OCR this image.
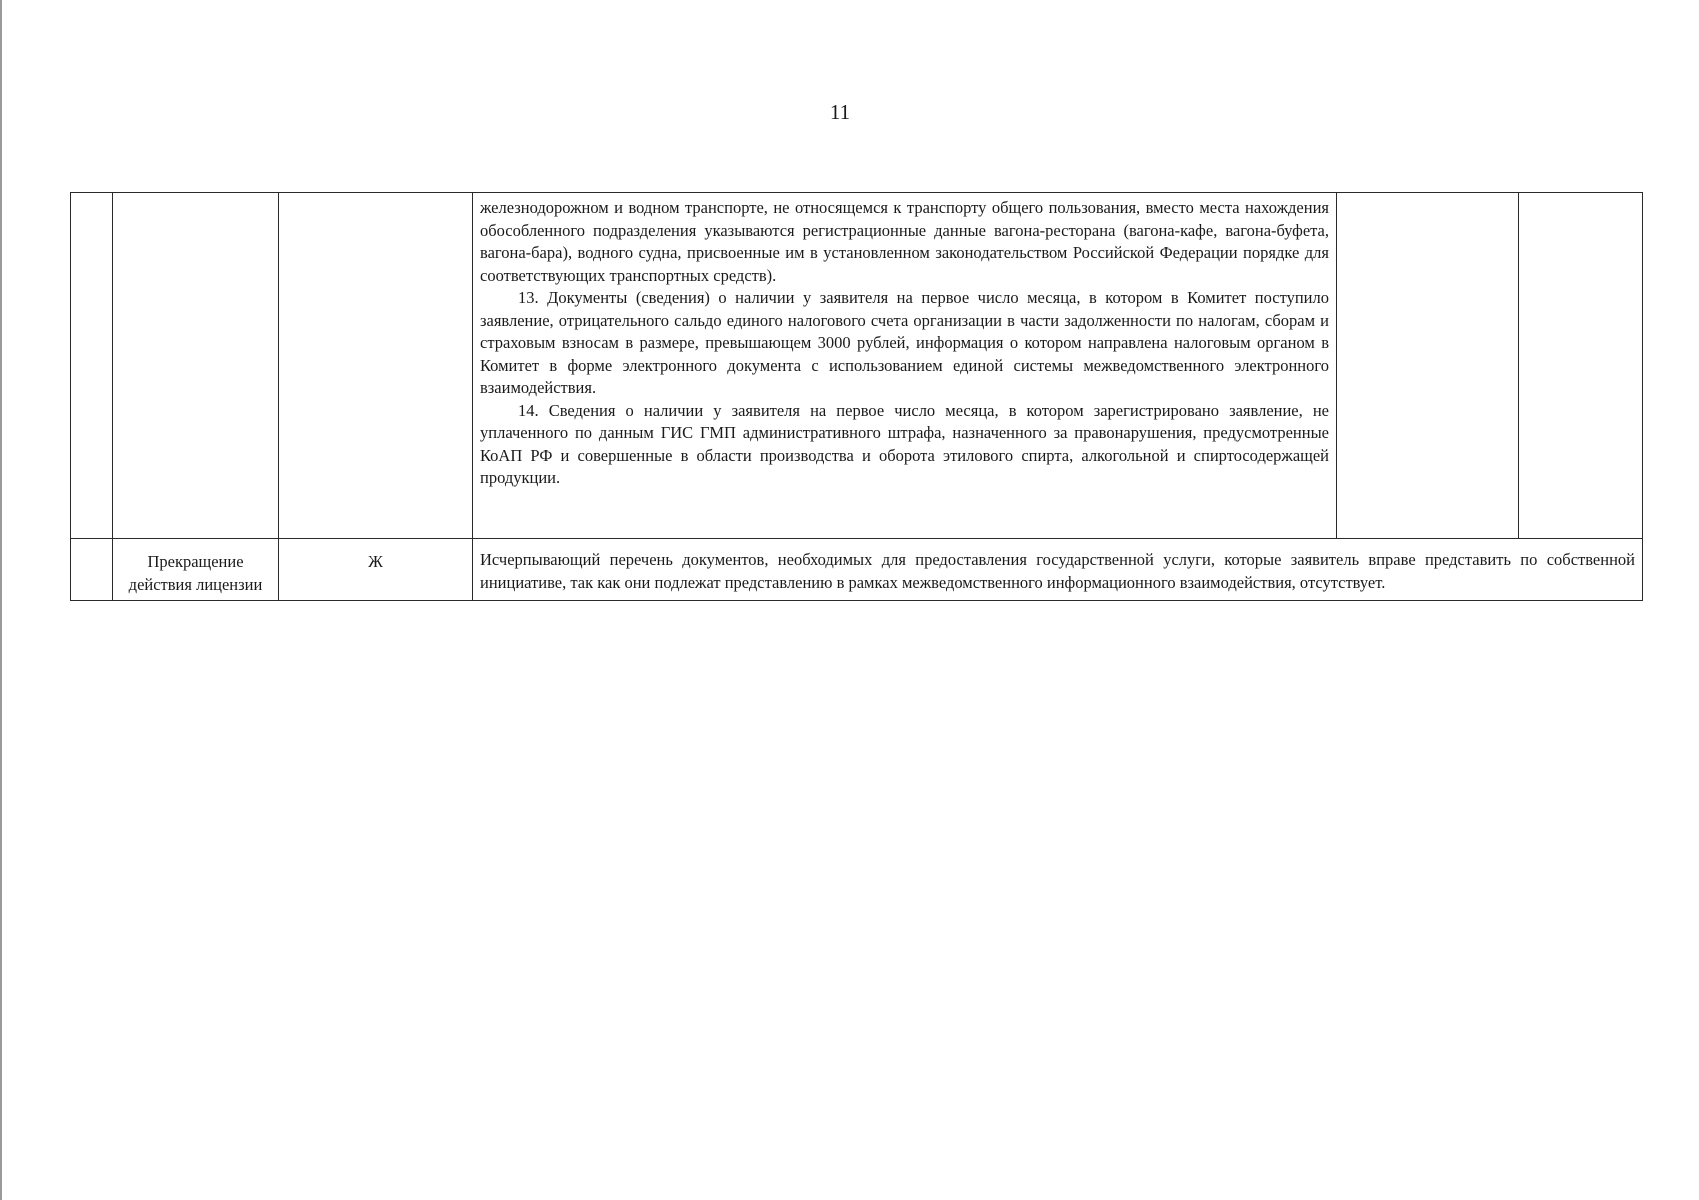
11

			железнодорожном и водном транспорте, не относящемся к транспорту общего пользования, вместо места нахождения обособленного подразделения указываются регистрационные данные вагона-ресторана (вагона-кафе, вагона-буфета, вагона-бара), водного судна, присвоенные им в установленном законодательством Российской Федерации порядке для соответствующих транспортных средств).

13. Документы (сведения) о наличии у заявителя на первое число месяца, в котором в Комитет поступило заявление, отрицательного сальдо единого налогового счета организации в части задолженности по налогам, сборам и страховым взносам в размере, превышающем 3000 рублей, информация о котором направлена налоговым органом в Комитет в форме электронного документа с использованием единой системы межведомственного электронного взаимодействия.

14. Сведения о наличии у заявителя на первое число месяца, в котором зарегистрировано заявление, не уплаченного по данным ГИС ГМП административного штрафа, назначенного за правонарушения, предусмотренные КоАП РФ и совершенные в области производства и оборота этилового спирта, алкогольной и спиртосодержащей продукции.		

	Прекращение действия лицензии	Ж	Исчерпывающий перечень документов, необходимых для предоставления государственной услуги, которые заявитель вправе представить по собственной инициативе, так как они подлежат представлению в рамках межведомственного информационного взаимодействия, отсутствует.		
